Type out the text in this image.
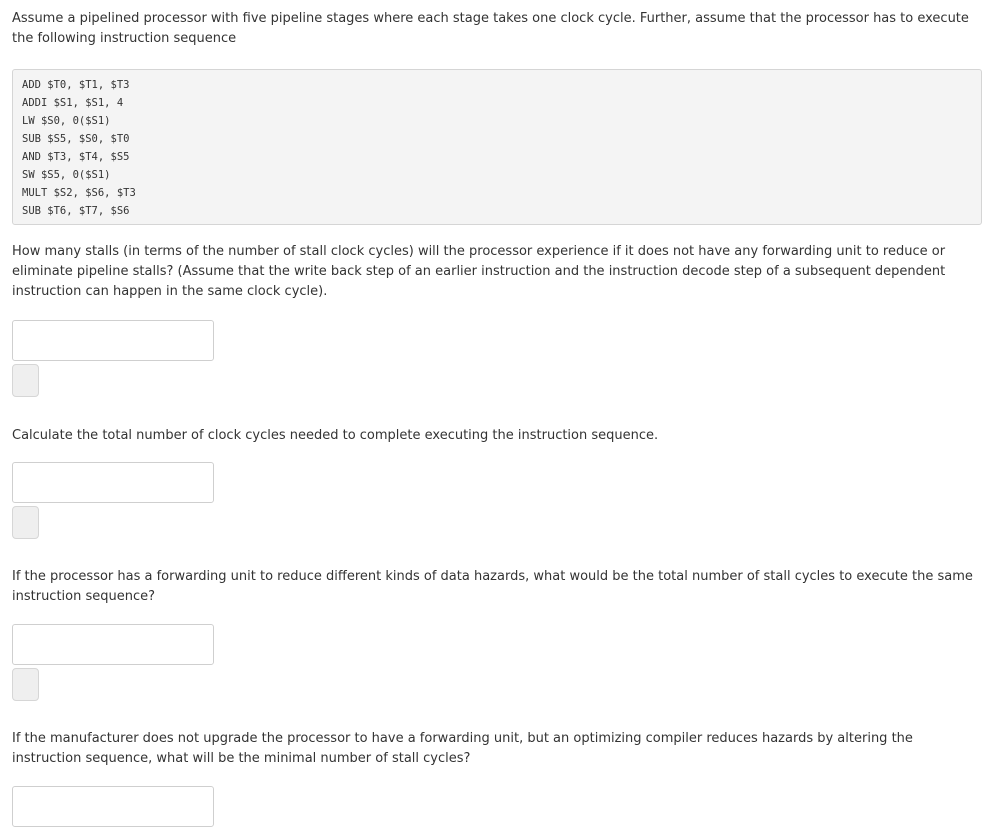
Assume a pipelined processor with five pipeline stages where each stage takes one clock cycle. Further, assume that the processor has to execute the following instruction sequence

ADD $T0, $T1, $T3
ADDI $S1, $S1, 4
LW $S0, 0($S1)
SUB $S5, $S0, $T0
AND $T3, $T4, $S5
SW $S5, 0($S1)
MULT $S2, $S6, $T3
SUB $T6, $T7, $S6

How many stalls (in terms of the number of stall clock cycles) will the processor experience if it does not have any forwarding unit to reduce or eliminate pipeline stalls? (Assume that the write back step of an earlier instruction and the instruction decode step of a subsequent dependent instruction can happen in the same clock cycle).

Calculate the total number of clock cycles needed to complete executing the instruction sequence.

If the processor has a forwarding unit to reduce different kinds of data hazards, what would be the total number of stall cycles to execute the same instruction sequence?

If the manufacturer does not upgrade the processor to have a forwarding unit, but an optimizing compiler reduces hazards by altering the instruction sequence, what will be the minimal number of stall cycles?
